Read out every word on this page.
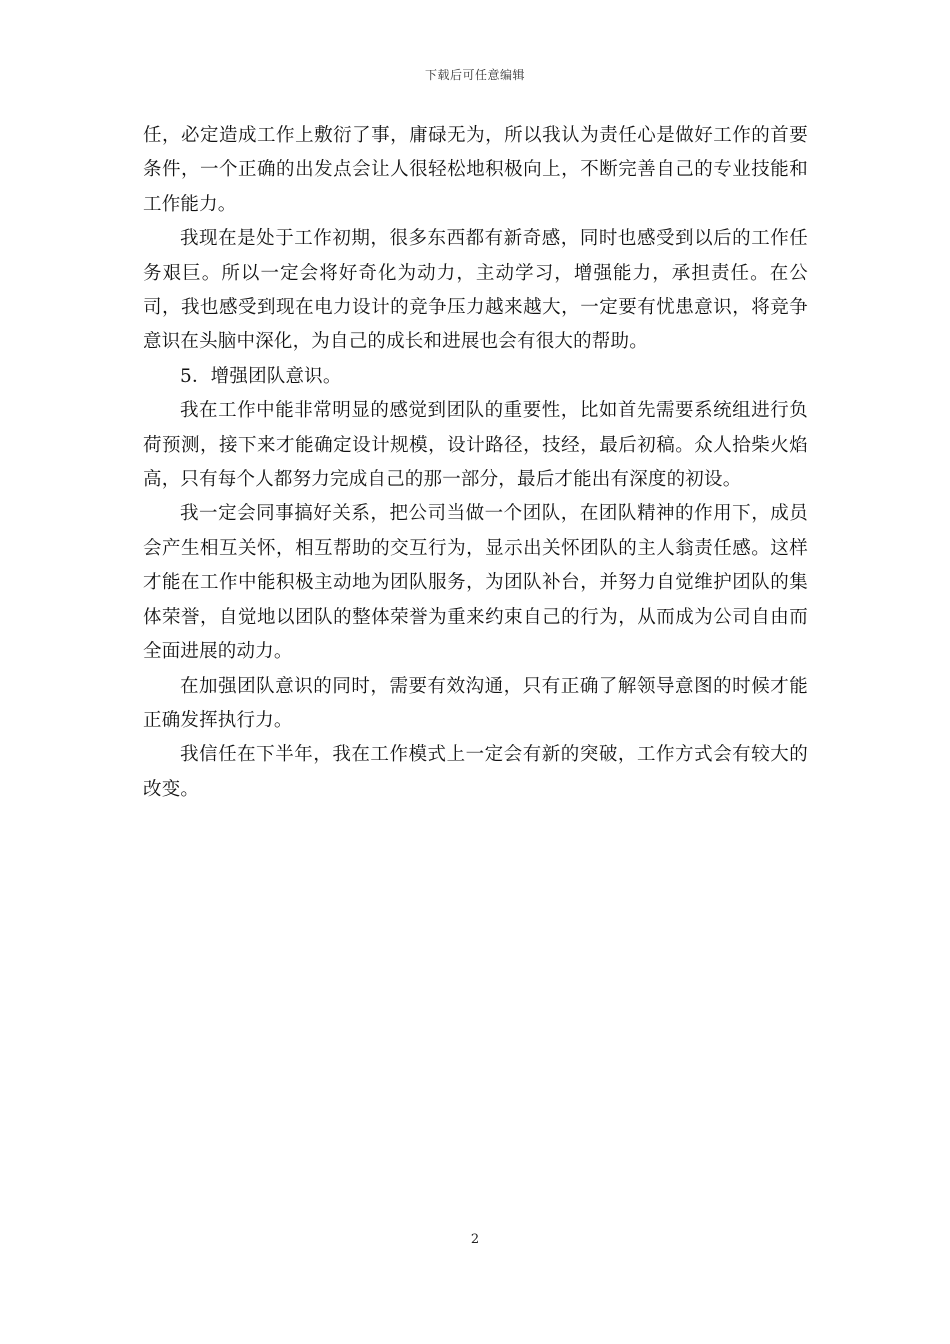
下载后可任意编辑

任，必定造成工作上敷衍了事，庸碌无为，所以我认为责任心是做好工作的首要条件，一个正确的出发点会让人很轻松地积极向上，不断完善自己的专业技能和工作能力。

我现在是处于工作初期，很多东西都有新奇感，同时也感受到以后的工作任务艰巨。所以一定会将好奇化为动力，主动学习，增强能力，承担责任。在公司，我也感受到现在电力设计的竞争压力越来越大，一定要有忧患意识，将竞争意识在头脑中深化，为自己的成长和进展也会有很大的帮助。

5．增强团队意识。

我在工作中能非常明显的感觉到团队的重要性，比如首先需要系统组进行负荷预测，接下来才能确定设计规模，设计路径，技经，最后初稿。众人拾柴火焰高，只有每个人都努力完成自己的那一部分，最后才能出有深度的初设。

我一定会同事搞好关系，把公司当做一个团队，在团队精神的作用下，成员会产生相互关怀，相互帮助的交互行为，显示出关怀团队的主人翁责任感。这样才能在工作中能积极主动地为团队服务，为团队补台，并努力自觉维护团队的集体荣誉，自觉地以团队的整体荣誉为重来约束自己的行为，从而成为公司自由而全面进展的动力。

在加强团队意识的同时，需要有效沟通，只有正确了解领导意图的时候才能正确发挥执行力。

我信任在下半年，我在工作模式上一定会有新的突破，工作方式会有较大的改变。

2
